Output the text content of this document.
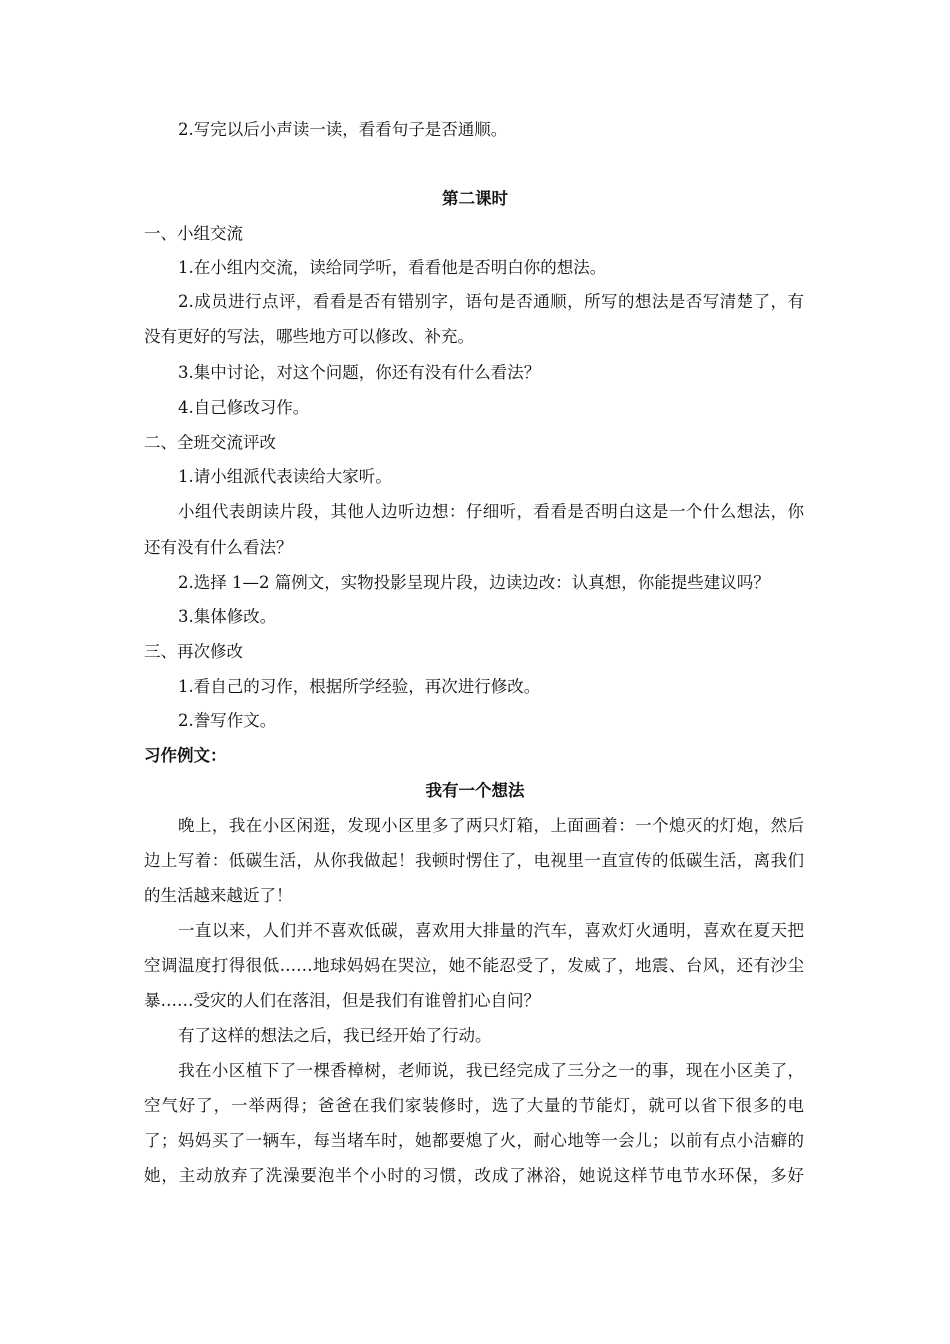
2.写完以后小声读一读，看看句子是否通顺。
第二课时
一、小组交流
1.在小组内交流，读给同学听，看看他是否明白你的想法。
2.成员进行点评，看看是否有错别字，语句是否通顺，所写的想法是否写清楚了，有
没有更好的写法，哪些地方可以修改、补充。
3.集中讨论，对这个问题，你还有没有什么看法？
4.自己修改习作。
二、全班交流评改
1.请小组派代表读给大家听。
小组代表朗读片段，其他人边听边想：仔细听，看看是否明白这是一个什么想法，你
还有没有什么看法？
2.选择 1—2 篇例文，实物投影呈现片段，边读边改：认真想，你能提些建议吗？
3.集体修改。
三、再次修改
1.看自己的习作，根据所学经验，再次进行修改。
2.誊写作文。
习作例文：
我有一个想法
晚上，我在小区闲逛，发现小区里多了两只灯箱，上面画着：一个熄灭的灯炮，然后
边上写着：低碳生活，从你我做起！我顿时愣住了，电视里一直宣传的低碳生活，离我们
的生活越来越近了！
一直以来，人们并不喜欢低碳，喜欢用大排量的汽车，喜欢灯火通明，喜欢在夏天把
空调温度打得很低……地球妈妈在哭泣，她不能忍受了，发威了，地震、台风，还有沙尘
暴……受灾的人们在落泪，但是我们有谁曾扪心自问？
有了这样的想法之后，我已经开始了行动。
我在小区植下了一棵香樟树，老师说，我已经完成了三分之一的事，现在小区美了，
空气好了，一举两得；爸爸在我们家装修时，选了大量的节能灯，就可以省下很多的电
了；妈妈买了一辆车，每当堵车时，她都要熄了火，耐心地等一会儿；以前有点小洁癖的
她，主动放弃了洗澡要泡半个小时的习惯，改成了淋浴，她说这样节电节水环保，多好
